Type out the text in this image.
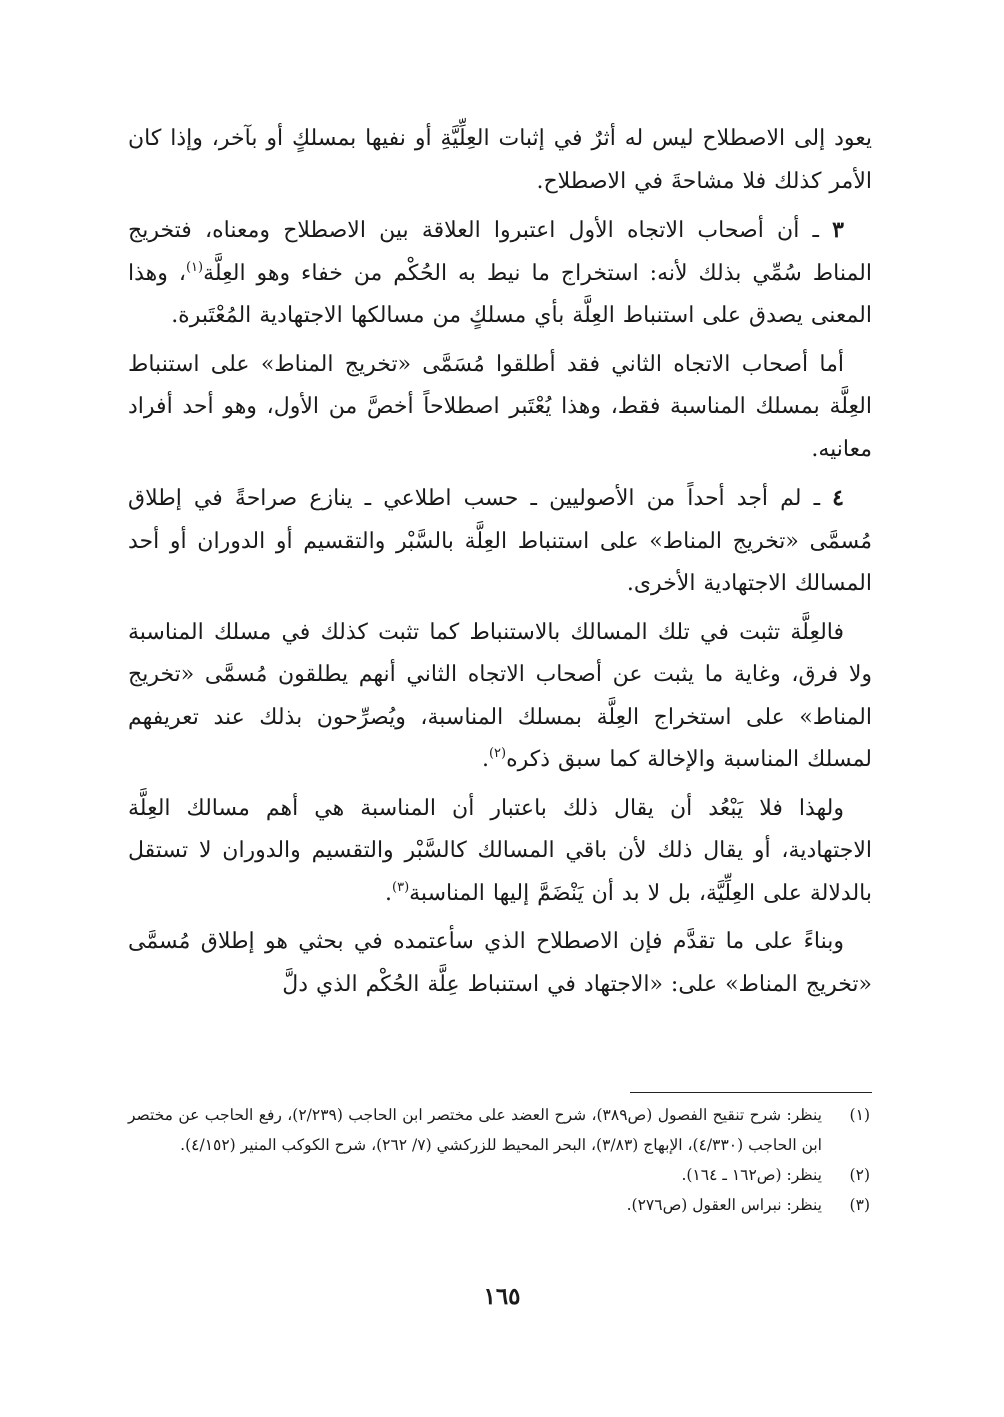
يعود إلى الاصطلاح ليس له أثرٌ في إثبات العِلِّيَّةِ أو نفيها بمسلكٍ أو بآخر، وإذا كان الأمر كذلك فلا مشاحةَ في الاصطلاح.

٣ ـ أن أصحاب الاتجاه الأول اعتبروا العلاقة بين الاصطلاح ومعناه، فتخريج المناط سُمِّي بذلك لأنه: استخراج ما نيط به الحُكْم من خفاء وهو العِلَّة$^{(١)}$، وهذا المعنى يصدق على استنباط العِلَّة بأي مسلكٍ من مسالكها الاجتهادية المُعْتَبرة.

أما أصحاب الاتجاه الثاني فقد أطلقوا مُسَمَّى «تخريج المناط» على استنباط العِلَّة بمسلك المناسبة فقط، وهذا يُعْتَبر اصطلاحاً أخصَّ من الأول، وهو أحد أفراد معانيه.

٤ ـ لم أجد أحداً من الأصوليين ـ حسب اطلاعي ـ ينازع صراحةً في إطلاق مُسمَّى «تخريج المناط» على استنباط العِلَّة بالسَّبْر والتقسيم أو الدوران أو أحد المسالك الاجتهادية الأخرى.

فالعِلَّة تثبت في تلك المسالك بالاستنباط كما تثبت كذلك في مسلك المناسبة ولا فرق، وغاية ما يثبت عن أصحاب الاتجاه الثاني أنهم يطلقون مُسمَّى «تخريج المناط» على استخراج العِلَّة بمسلك المناسبة، ويُصرِّحون بذلك عند تعريفهم لمسلك المناسبة والإخالة كما سبق ذكره$^{(٢)}$.

ولهذا فلا يَبْعُد أن يقال ذلك باعتبار أن المناسبة هي أهم مسالك العِلَّة الاجتهادية، أو يقال ذلك لأن باقي المسالك كالسَّبْر والتقسيم والدوران لا تستقل بالدلالة على العِلِّيَّة، بل لا بد أن يَنْضَمَّ إليها المناسبة$^{(٣)}$.

وبناءً على ما تقدَّم فإن الاصطلاح الذي سأعتمده في بحثي هو إطلاق مُسمَّى «تخريج المناط» على: «الاجتهاد في استنباط عِلَّة الحُكْم الذي دلَّ

(١)
ينظر: شرح تنقيح الفصول (ص٣٨٩)، شرح العضد على مختصر ابن الحاجب (٢/٢٣٩)، رفع الحاجب عن مختصر ابن الحاجب (٤/٣٣٠)، الإبهاج (٣/٨٣)، البحر المحيط للزركشي (٧/ ٢٦٢)، شرح الكوكب المنير (٤/١٥٢).

(٢)
ينظر: (ص١٦٢ ـ ١٦٤).

(٣)
ينظر: نبراس العقول (ص٢٧٦).

١٦٥
